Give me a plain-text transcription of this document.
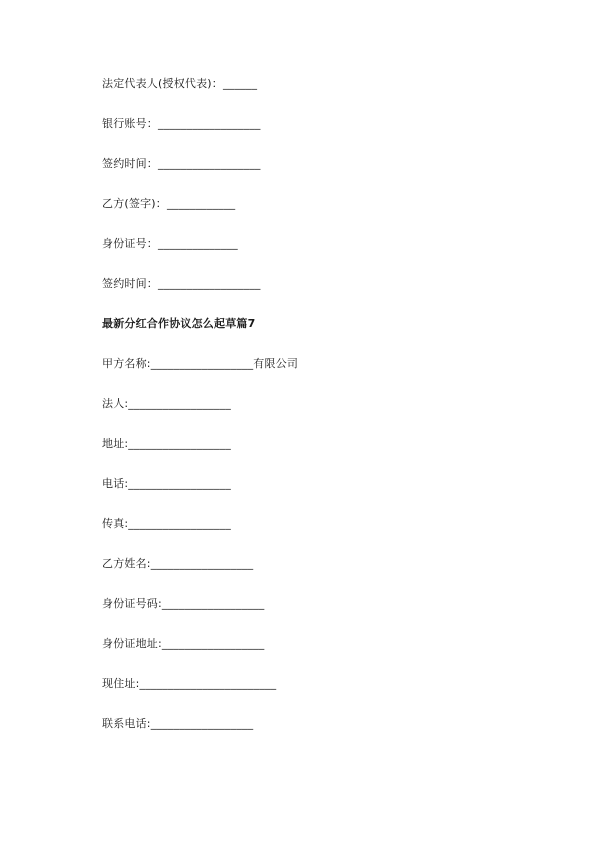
法定代表人(授权代表)：______
银行账号：__________________
签约时间：__________________
乙方(签字)：____________
身份证号：______________
签约时间：__________________
最新分红合作协议怎么起草篇7
甲方名称:__________________有限公司
法人:__________________
地址:__________________
电话:__________________
传真:__________________
乙方姓名:__________________
身份证号码:__________________
身份证地址:__________________
现住址:________________________
联系电话:__________________
